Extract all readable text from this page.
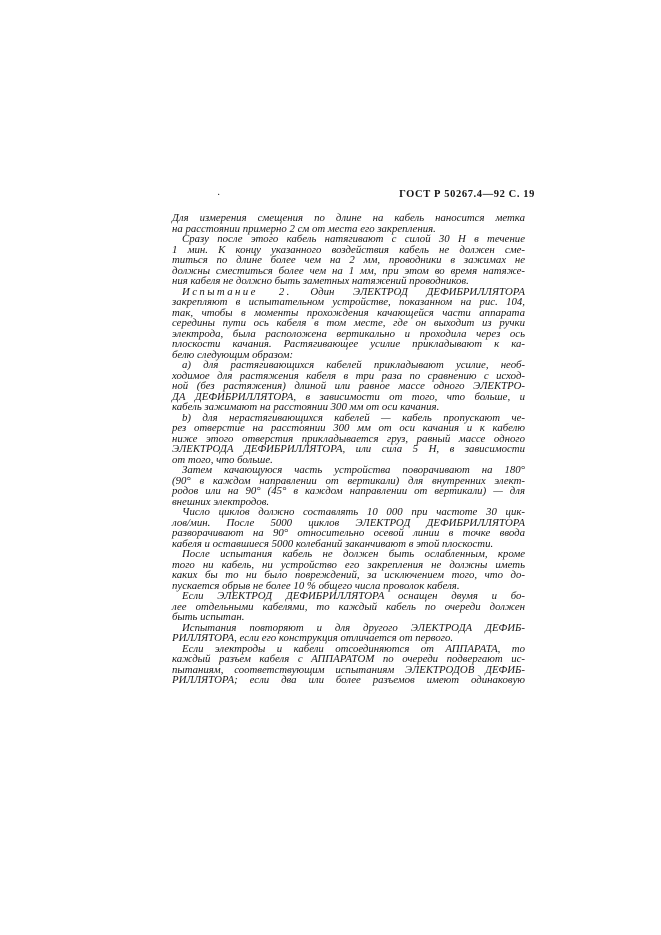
ГОСТ Р 50267.4—92 С. 19
·

Для измерения смещения по длине на кабель наносится метка
на расстоянии примерно 2 см от места его закрепления.

Сразу после этого кабель натягивают с силой 30 Н в течение
1 мин. К концу указанного воздействия кабель не должен сме-
титься по длине более чем на 2 мм, проводники в зажимах не
должны сместиться более чем на 1 мм, при этом во время натяже-
ния кабеля не должно быть заметных натяжений проводников.

Испытание 2. Один ЭЛЕКТРОД ДЕФИБРИЛЛЯТОРА
закрепляют в испытательном устройстве, показанном на рис. 104,
так, чтобы в моменты прохождения качающейся части аппарата
середины пути ось кабеля в том месте, где он выходит из ручки
электрода, была расположена вертикально и проходила через ось
плоскости качания. Растягивающее усилие прикладывают к ка-
белю следующим образом:

а) для растягивающихся кабелей прикладывают усилие, необ-
ходимое для растяжения кабеля в три раза по сравнению с исход-
ной (без растяжения) длиной или равное массе одного ЭЛЕКТРО-
ДА ДЕФИБРИЛЛЯТОРА, в зависимости от того, что больше, и
кабель зажимают на расстоянии 300 мм от оси качания.

b) для нерастягивающихся кабелей — кабель пропускают че-
рез отверстие на расстоянии 300 мм от оси качания и к кабелю
ниже этого отверстия прикладывается груз, равный массе одного
ЭЛЕКТРОДА ДЕФИБРИЛЛЯТОРА, или сила 5 Н, в зависимости
от того, что больше.

Затем качающуюся часть устройства поворачивают на 180°
(90° в каждом направлении от вертикали) для внутренних элект-
родов или на 90° (45° в каждом направлении от вертикали) — для
внешних электродов.

Число циклов должно составлять 10 000 при частоте 30 цик-
лов/мин. После 5000 циклов ЭЛЕКТРОД ДЕФИБРИЛЛЯТОРА
разворачивают на 90° относительно осевой линии в точке ввода
кабеля и оставшиеся 5000 колебаний заканчивают в этой плоскости.

После испытания кабель не должен быть ослабленным, кроме
того ни кабель, ни устройство его закрепления не должны иметь
каких бы то ни было повреждений, за исключением того, что до-
пускается обрыв не более 10 % общего числа проволок кабеля.

Если ЭЛЕКТРОД ДЕФИБРИЛЛЯТОРА оснащен двумя и бо-
лее отдельными кабелями, то каждый кабель по очереди должен
быть испытан.

Испытания повторяют и для другого ЭЛЕКТРОДА ДЕФИБ-
РИЛЛЯТОРА, если его конструкция отличается от первого.

Если электроды и кабели отсоединяются от АППАРАТА, то
каждый разъем кабеля с АППАРАТОМ по очереди подвергают ис-
пытаниям, соответствующим испытаниям ЭЛЕКТРОДОВ ДЕФИБ-
РИЛЛЯТОРА; если два или более разъемов имеют одинаковую
